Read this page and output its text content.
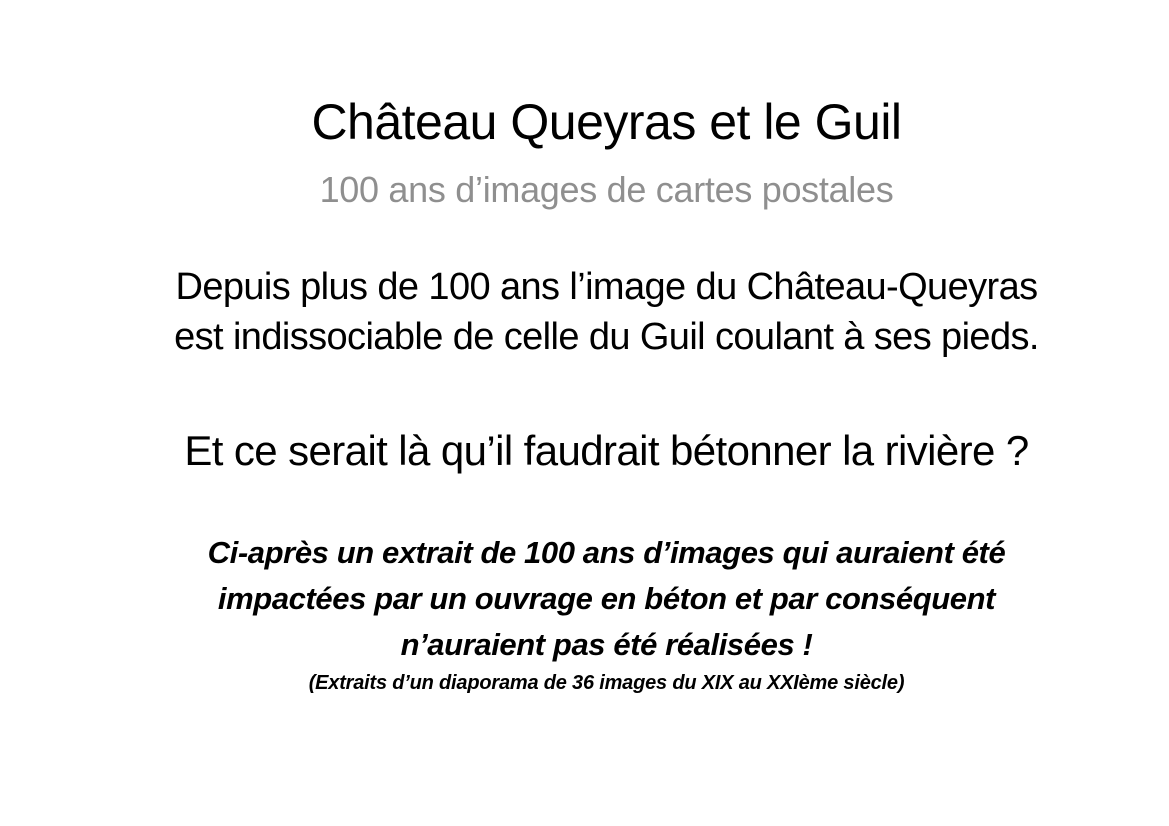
Château Queyras et le Guil
100 ans d’images de cartes postales
Depuis plus de 100 ans l’image du Château-Queyras
est indissociable de celle du Guil coulant à ses pieds.
Et ce serait là qu’il faudrait bétonner la rivière ?
Ci-après un extrait de 100 ans d’images qui auraient été
impactées par un ouvrage en béton et par conséquent
n’auraient pas été réalisées !
(Extraits d’un diaporama de 36 images du XIX au XXIème siècle)
